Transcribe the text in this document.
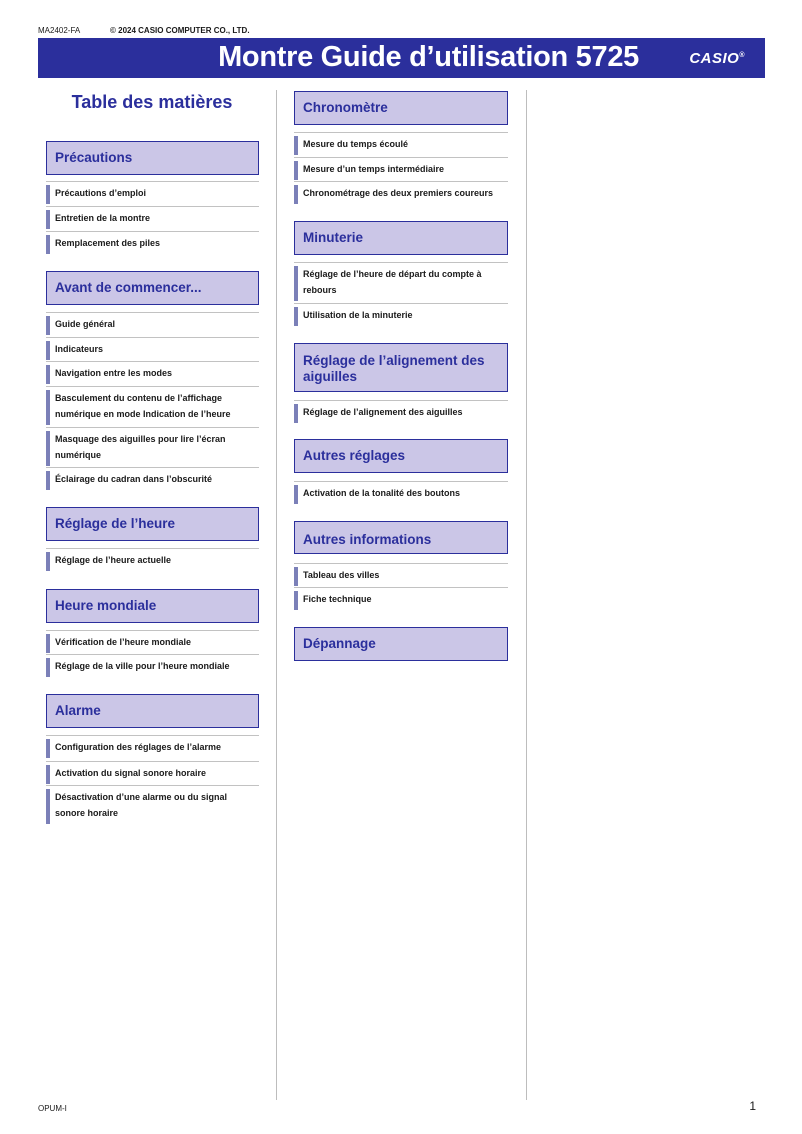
MA2402-FA	© 2024 CASIO COMPUTER CO., LTD.
Montre Guide d’utilisation 5725	CASIO®
Table des matières
Précautions
Précautions d’emploi
Entretien de la montre
Remplacement des piles
Avant de commencer...
Guide général
Indicateurs
Navigation entre les modes
Basculement du contenu de l’affichage numérique en mode Indication de l’heure
Masquage des aiguilles pour lire l’écran numérique
Éclairage du cadran dans l’obscurité
Réglage de l’heure
Réglage de l’heure actuelle
Heure mondiale
Vérification de l’heure mondiale
Réglage de la ville pour l’heure mondiale
Alarme
Configuration des réglages de l’alarme
Activation du signal sonore horaire
Désactivation d’une alarme ou du signal sonore horaire
Chronomètre
Mesure du temps écoulé
Mesure d’un temps intermédiaire
Chronométrage des deux premiers coureurs
Minuterie
Réglage de l’heure de départ du compte à rebours
Utilisation de la minuterie
Réglage de l’alignement des aiguilles
Réglage de l’alignement des aiguilles
Autres réglages
Activation de la tonalité des boutons
Autres informations
Tableau des villes
Fiche technique
Dépannage
OPUM-I	1
